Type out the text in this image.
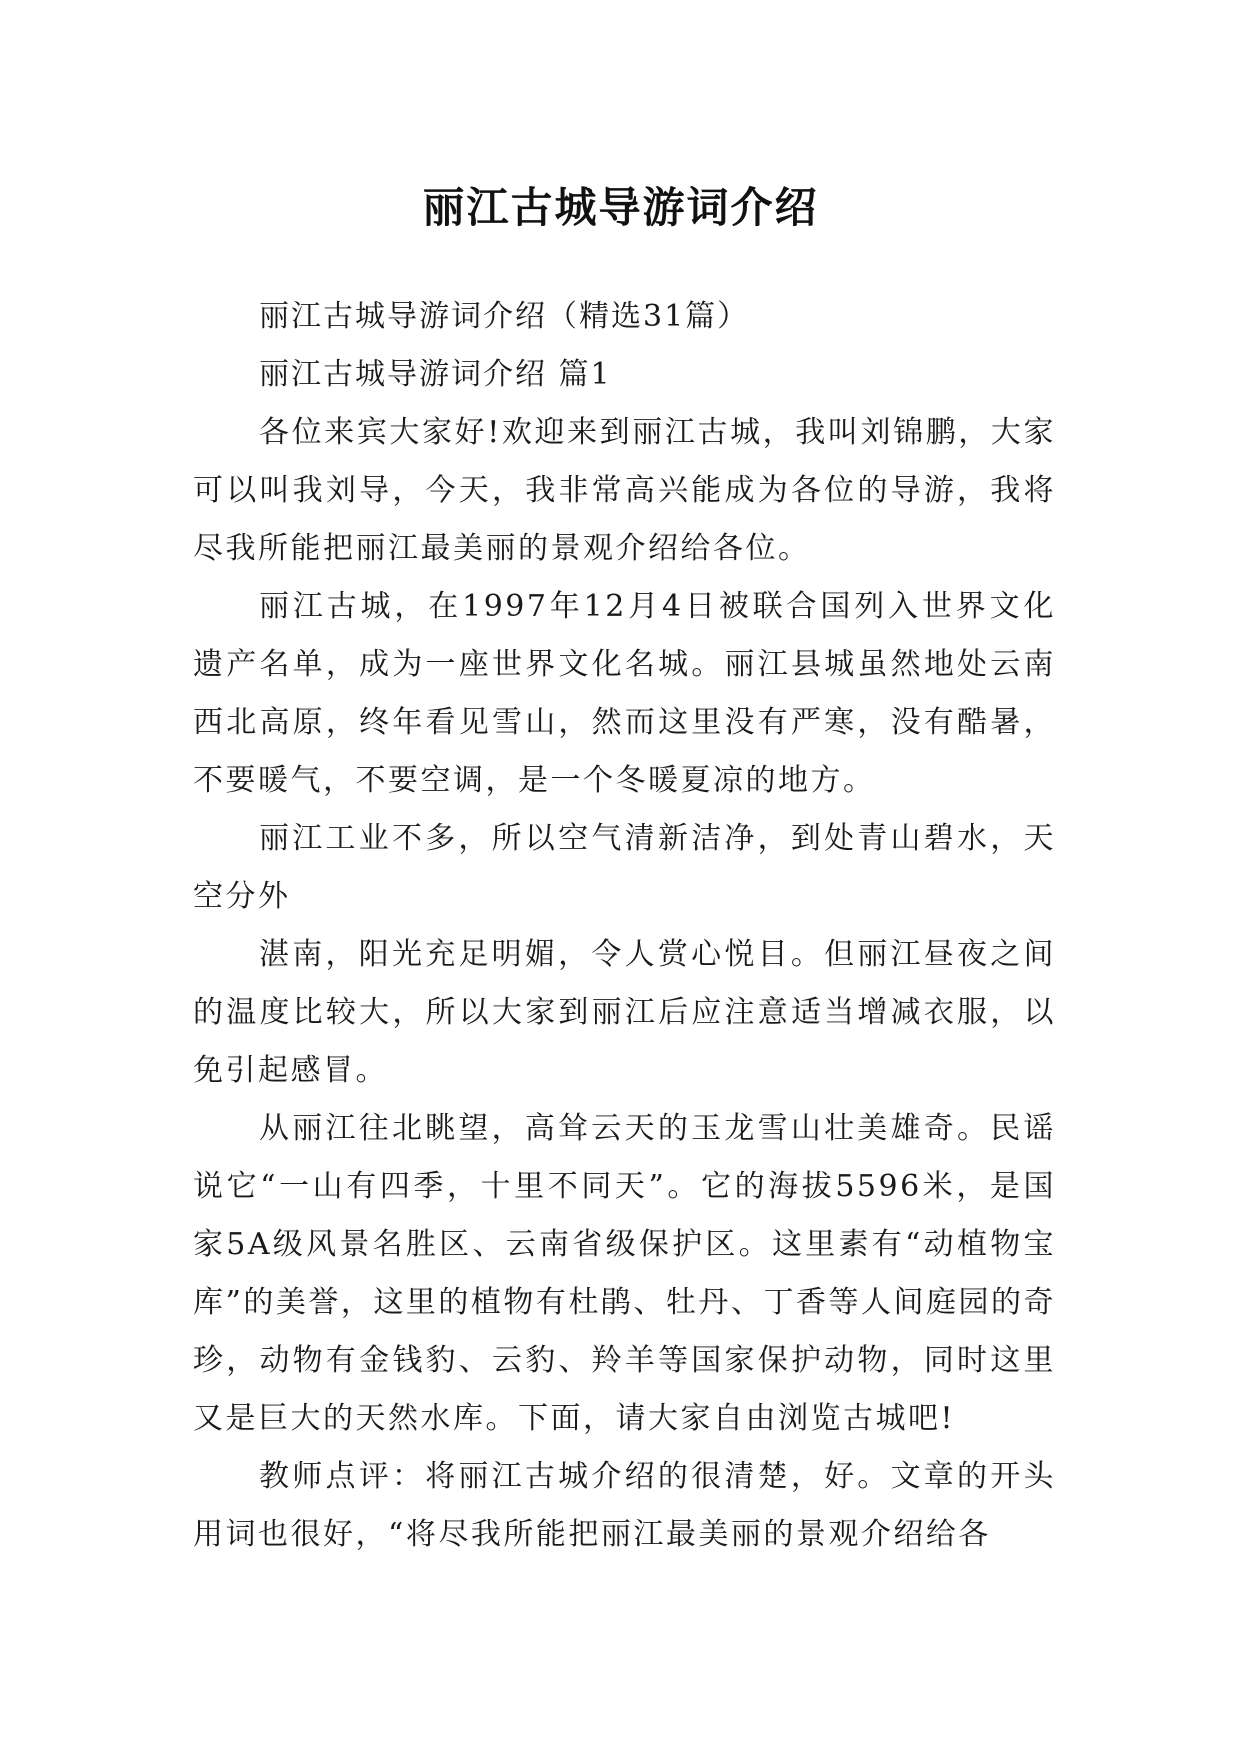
丽江古城导游词介绍

丽江古城导游词介绍（精选31篇）

丽江古城导游词介绍 篇1

各位来宾大家好!欢迎来到丽江古城，我叫刘锦鹏，大家可以叫我刘导，今天，我非常高兴能成为各位的导游，我将尽我所能把丽江最美丽的景观介绍给各位。

丽江古城，在1997年12月4日被联合国列入世界文化遗产名单，成为一座世界文化名城。丽江县城虽然地处云南西北高原，终年看见雪山，然而这里没有严寒，没有酷暑，不要暖气，不要空调，是一个冬暖夏凉的地方。

丽江工业不多，所以空气清新洁净，到处青山碧水，天空分外

湛南，阳光充足明媚，令人赏心悦目。但丽江昼夜之间的温度比较大，所以大家到丽江后应注意适当增减衣服，以免引起感冒。

从丽江往北眺望，高耸云天的玉龙雪山壮美雄奇。民谣说它“一山有四季，十里不同天”。它的海拔5596米，是国家5A级风景名胜区、云南省级保护区。这里素有“动植物宝库”的美誉，这里的植物有杜鹃、牡丹、丁香等人间庭园的奇珍，动物有金钱豹、云豹、羚羊等国家保护动物，同时这里又是巨大的天然水库。下面，请大家自由浏览古城吧!

教师点评：将丽江古城介绍的很清楚，好。文章的开头用词也很好，“将尽我所能把丽江最美丽的景观介绍给各
